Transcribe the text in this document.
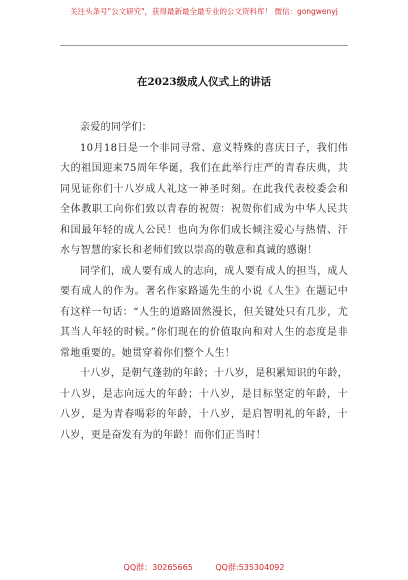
关注头条号"公文研究"，获得最新最全最专业的公文资料库！ 微信：gongwenyj
在2023级成人仪式上的讲话

亲爱的同学们：

10月18日是一个非同寻常、意义特殊的喜庆日子，我们伟大的祖国迎来75周年华诞，我们在此举行庄严的青春庆典，共同见证你们十八岁成人礼这一神圣时刻。在此我代表校委会和全体教职工向你们致以青春的祝贺：祝贺你们成为中华人民共和国最年轻的成人公民！也向为你们成长倾注爱心与热情、汗水与智慧的家长和老师们致以崇高的敬意和真诚的感谢！

同学们，成人要有成人的志向，成人要有成人的担当，成人要有成人的作为。著名作家路遥先生的小说《人生》在题记中有这样一句话：“人生的道路固然漫长，但关键处只有几步，尤其当人年轻的时候。”你们现在的价值取向和对人生的态度是非常地重要的。她贯穿着你们整个人生！

十八岁，是朝气蓬勃的年龄；十八岁，是积累知识的年龄，十八岁，是志向远大的年龄；十八岁，是目标坚定的年龄，十八岁，是为青春喝彩的年龄，十八岁，是启智明礼的年龄，十八岁，更是奋发有为的年龄！而你们正当时！

QQ群：30265665	QQ群:535304092
